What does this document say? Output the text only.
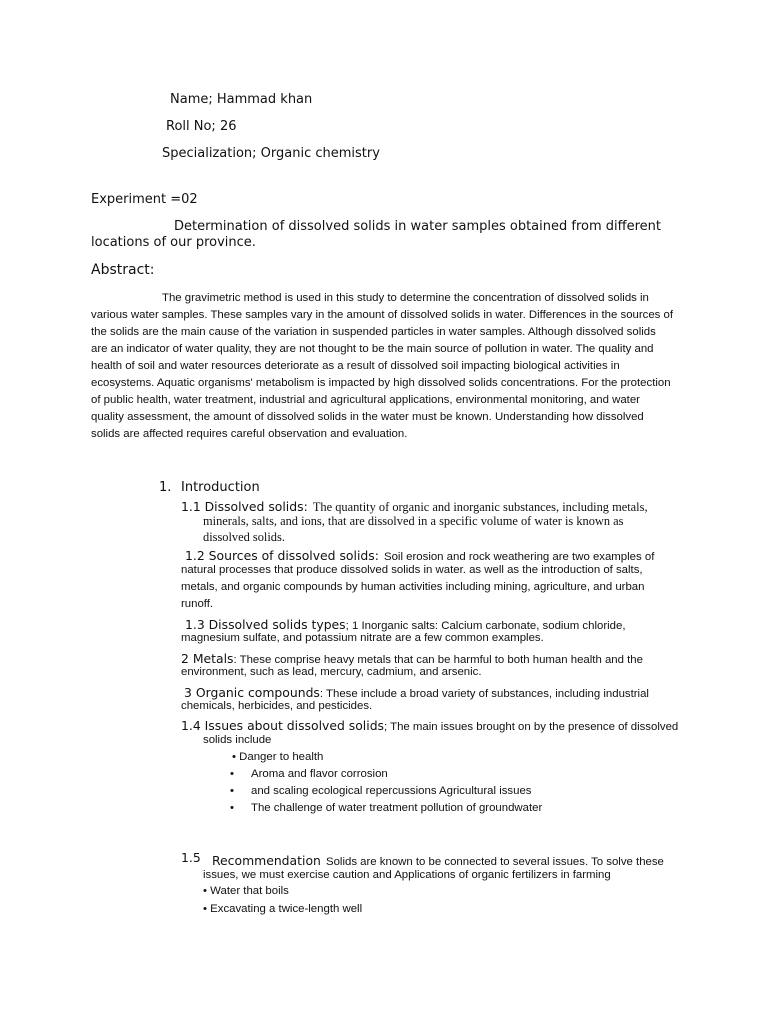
Name; Hammad khan
Roll No; 26
Specialization; Organic chemistry
Experiment =02
Determination of dissolved solids in water samples obtained from different
locations of our province.
Abstract:
The gravimetric method is used in this study to determine the concentration of dissolved solids in
various water samples. These samples vary in the amount of dissolved solids in water. Differences in the sources of
the solids are the main cause of the variation in suspended particles in water samples. Although dissolved solids
are an indicator of water quality, they are not thought to be the main source of pollution in water. The quality and
health of soil and water resources deteriorate as a result of dissolved soil impacting biological activities in
ecosystems. Aquatic organisms' metabolism is impacted by high dissolved solids concentrations. For the protection
of public health, water treatment, industrial and agricultural applications, environmental monitoring, and water
quality assessment, the amount of dissolved solids in the water must be known. Understanding how dissolved
solids are affected requires careful observation and evaluation.
1. Introduction
1.1 Dissolved solids: The quantity of organic and inorganic substances, including metals,
minerals, salts, and ions, that are dissolved in a specific volume of water is known as
dissolved solids.
1.2 Sources of dissolved solids: Soil erosion and rock weathering are two examples of
natural processes that produce dissolved solids in water. as well as the introduction of salts,
metals, and organic compounds by human activities including mining, agriculture, and urban
runoff.
1.3 Dissolved solids types; 1 Inorganic salts: Calcium carbonate, sodium chloride,
magnesium sulfate, and potassium nitrate are a few common examples.
2 Metals: These comprise heavy metals that can be harmful to both human health and the
environment, such as lead, mercury, cadmium, and arsenic.
3 Organic compounds: These include a broad variety of substances, including industrial
chemicals, herbicides, and pesticides.
1.4 Issues about dissolved solids; The main issues brought on by the presence of dissolved
solids include
• Danger to health
• Aroma and flavor corrosion
• and scaling ecological repercussions Agricultural issues
• The challenge of water treatment pollution of groundwater
1.5 Recommendation Solids are known to be connected to several issues. To solve these
issues, we must exercise caution and Applications of organic fertilizers in farming
• Water that boils
• Excavating a twice-length well
